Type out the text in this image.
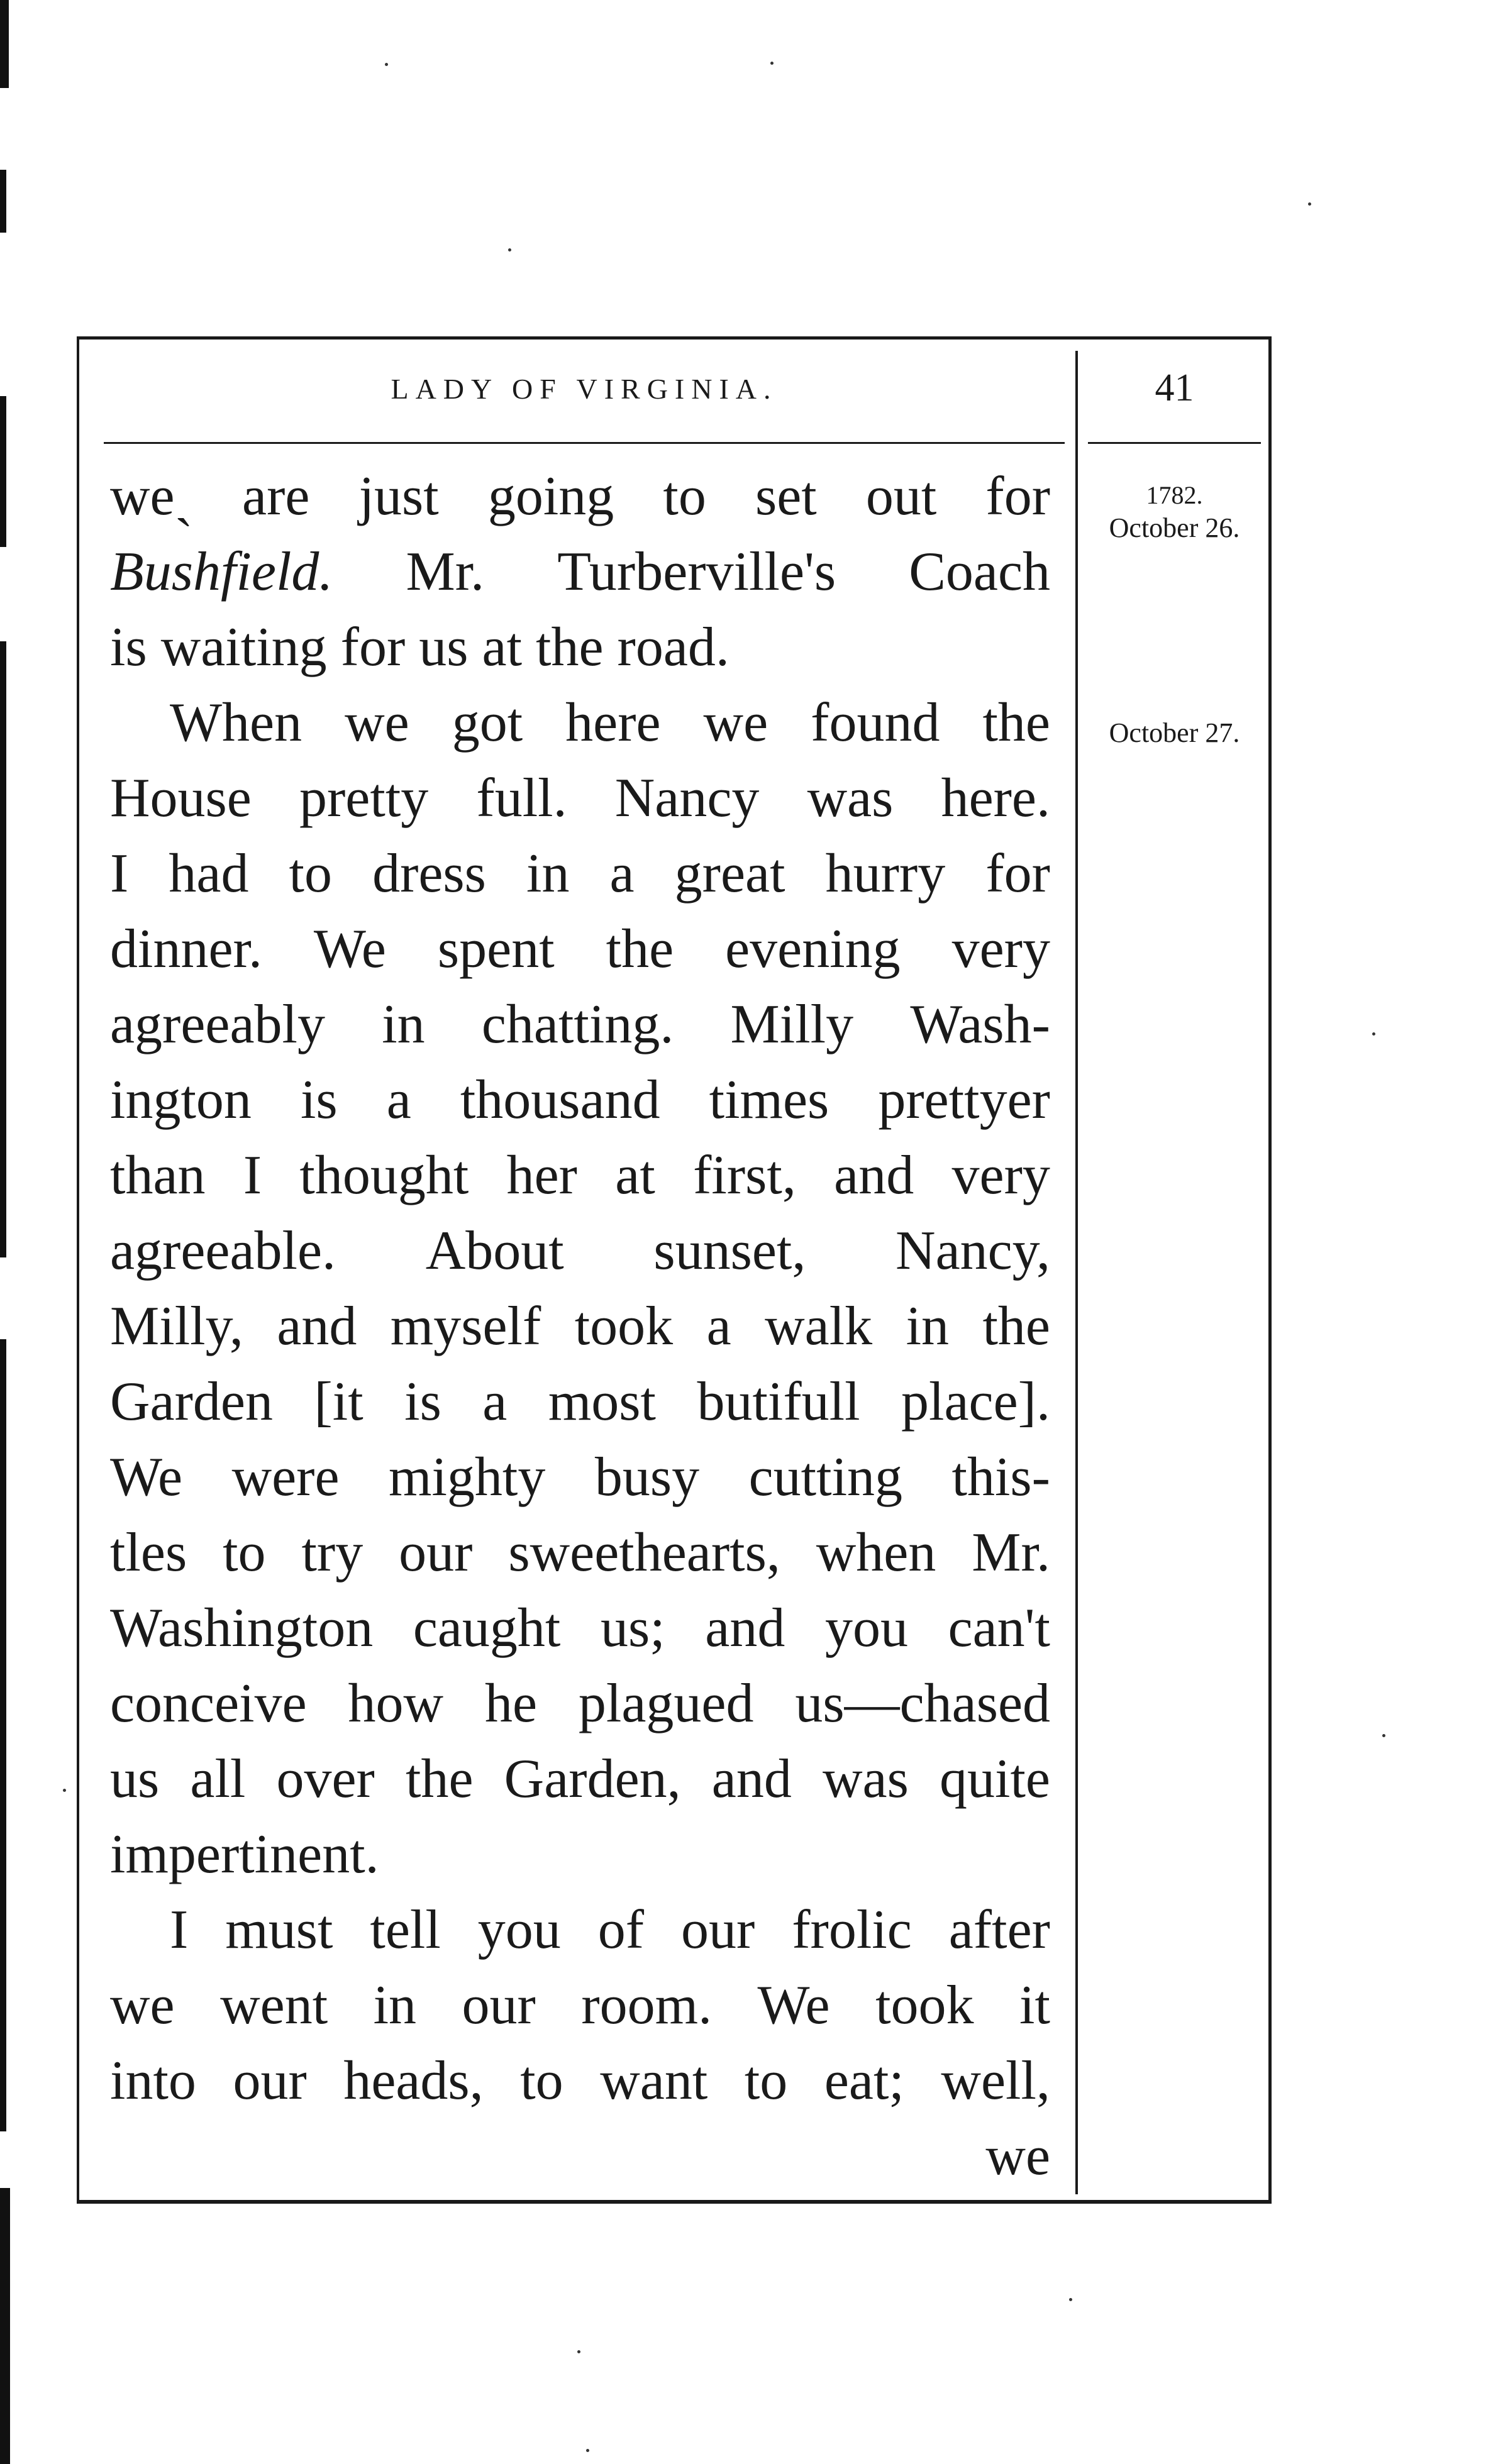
LADY OF VIRGINIA.	41
1782.
October 26.
October 27.
weˎ are just going to set out for
Bushfield. Mr. Turberville's Coach
is waiting for us at the road.
When we got here we found the
House pretty full. Nancy was here.
I had to dress in a great hurry for
dinner. We spent the evening very
agreeably in chatting. Milly Wash-
ington is a thousand times prettyer
than I thought her at first, and very
agreeable. About sunset, Nancy,
Milly, and myself took a walk in the
Garden [it is a most butifull place].
We were mighty busy cutting this-
tles to try our sweethearts, when Mr.
Washington caught us; and you can't
conceive how he plagued us—chased
us all over the Garden, and was quite
impertinent.
I must tell you of our frolic after
we went in our room. We took it
into our heads, to want to eat; well,
we
